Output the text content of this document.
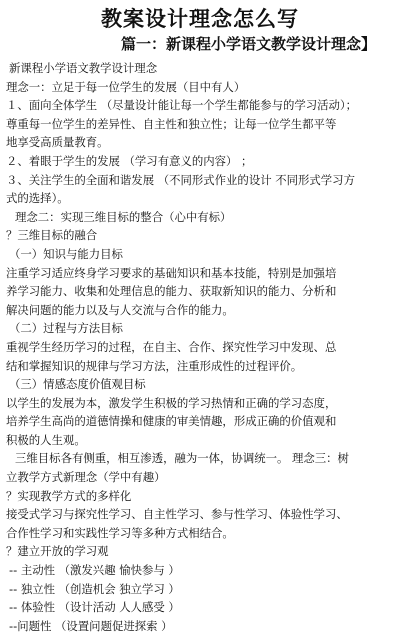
教案设计理念怎么写
篇一：新课程小学语文教学设计理念】

新课程小学语文教学设计理念

理念一：立足于每一位学生的发展（目中有人）

１、面向全体学生 （尽量设计能让每一个学生都能参与的学习活动）；

尊重每一位学生的差异性、自主性和独立性；让每一位学生都平等

地享受高质量教育。

２、着眼于学生的发展 （学习有意义的内容） ；

３、关注学生的全面和谐发展 （不同形式作业的设计 不同形式学习方

式的选择）。

理念二：实现三维目标的整合（心中有标）

？三维目标的融合

（一）知识与能力目标

注重学习适应终身学习要求的基础知识和基本技能，特别是加强培

养学习能力、收集和处理信息的能力、获取新知识的能力、分析和

解决问题的能力以及与人交流与合作的能力。

（二）过程与方法目标

重视学生经历学习的过程，在自主、合作、探究性学习中发现、总

结和掌握知识的规律与学习方法，注重形成性的过程评价。

（三）情感态度价值观目标

以学生的发展为本，激发学生积极的学习热情和正确的学习态度，

培养学生高尚的道德情操和健康的审美情趣，形成正确的价值观和

积极的人生观。

三维目标各有侧重，相互渗透，融为一体，协调统一。 理念三：树

立教学方式新理念（学中有趣）

？实现教学方式的多样化

接受式学习与探究性学习、自主性学习、参与性学习、体验性学习、

合作性学习和实践性学习等多种方式相结合。

？建立开放的学习观

-- 主动性 （激发兴趣 愉快参与 ）

-- 独立性 （创造机会 独立学习 ）

-- 体验性 （设计活动 人人感受 ）

--问题性 （设置问题促进探索 ）
